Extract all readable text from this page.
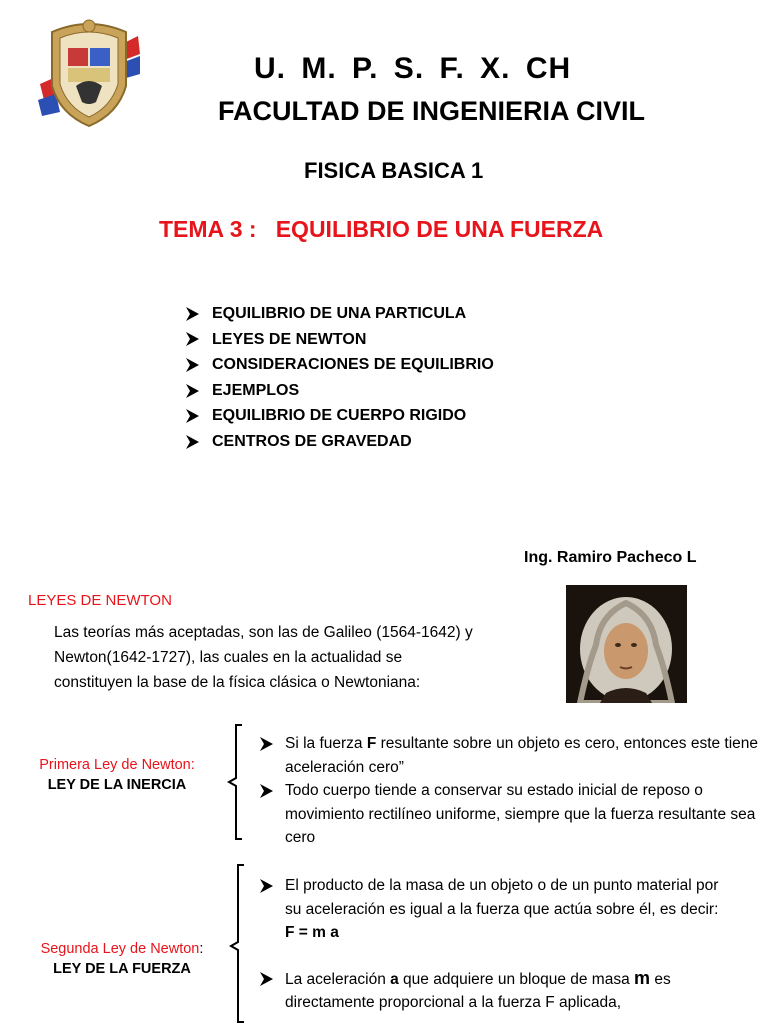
U. M. P. S. F. X. CH
FACULTAD DE INGENIERIA CIVIL
FISICA BASICA 1
TEMA 3 :   EQUILIBRIO DE UNA FUERZA
EQUILIBRIO DE UNA PARTICULA
LEYES DE NEWTON
CONSIDERACIONES DE EQUILIBRIO
EJEMPLOS
EQUILIBRIO DE CUERPO RIGIDO
CENTROS DE GRAVEDAD
Ing. Ramiro Pacheco L
LEYES DE NEWTON
Las teorías más aceptadas, son las de Galileo (1564-1642) y Newton(1642-1727), las cuales en la actualidad se constituyen la base de la física clásica o Newtoniana:
Primera Ley de Newton:
LEY DE LA INERCIA
Si la fuerza F resultante sobre un objeto es cero, entonces este tiene aceleración cero”
Todo cuerpo tiende a conservar su estado inicial de reposo o movimiento rectilíneo uniforme, siempre que la fuerza resultante sea cero
Segunda Ley de Newton:
LEY DE LA FUERZA
El producto de la masa de un objeto o de un punto material por su aceleración es igual a la fuerza que actúa sobre él, es decir: F = m a
La aceleración a que adquiere un bloque de masa m es directamente proporcional a la fuerza F aplicada,
